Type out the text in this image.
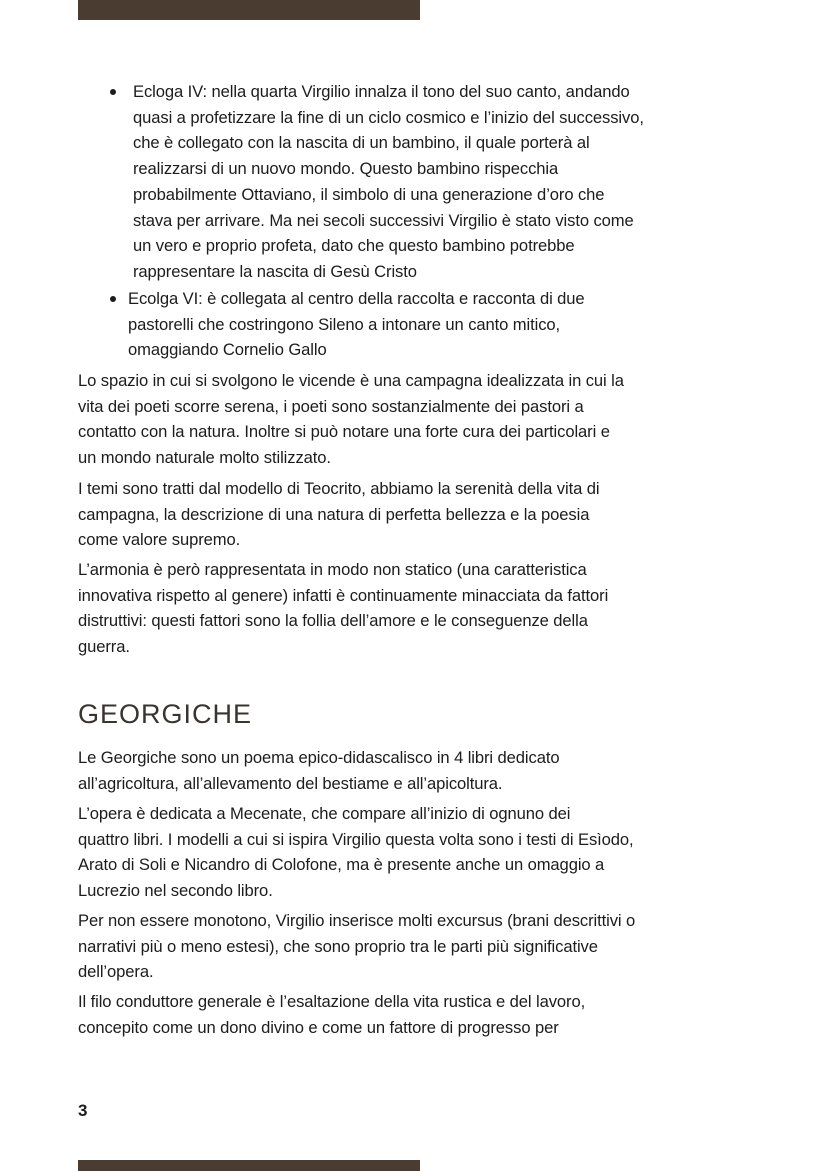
Ecloga IV: nella quarta Virgilio innalza il tono del suo canto, andando
quasi a profetizzare la fine di un ciclo cosmico e l’inizio del successivo,
che è collegato con la nascita di un bambino, il quale porterà al
realizzarsi di un nuovo mondo. Questo bambino rispecchia
probabilmente Ottaviano, il simbolo di una generazione d’oro che
stava per arrivare. Ma nei secoli successivi Virgilio è stato visto come
un vero e proprio profeta, dato che questo bambino potrebbe
rappresentare la nascita di Gesù Cristo
Ecolga VI: è collegata al centro della raccolta e racconta di due
pastorelli che costringono Sileno a intonare un canto mitico,
omaggiando Cornelio Gallo
Lo spazio in cui si svolgono le vicende è una campagna idealizzata in cui la
vita dei poeti scorre serena, i poeti sono sostanzialmente dei pastori a
contatto con la natura. Inoltre si può notare una forte cura dei particolari e
un mondo naturale molto stilizzato.
I temi sono tratti dal modello di Teocrito, abbiamo la serenità della vita di
campagna, la descrizione di una natura di perfetta bellezza e la poesia
come valore supremo.
L’armonia è però rappresentata in modo non statico (una caratteristica
innovativa rispetto al genere) infatti è continuamente minacciata da fattori
distruttivi: questi fattori sono la follia dell’amore e le conseguenze della
guerra.
GEORGICHE
Le Georgiche sono un poema epico-didascalisco in 4 libri dedicato
all’agricoltura, all’allevamento del bestiame e all’apicoltura.
L’opera è dedicata a Mecenate, che compare all’inizio di ognuno dei
quattro libri. I modelli a cui si ispira Virgilio questa volta sono i testi di Esìodo,
Arato di Soli e Nicandro di Colofone, ma è presente anche un omaggio a
Lucrezio nel secondo libro.
Per non essere monotono, Virgilio inserisce molti excursus (brani descrittivi o
narrativi più o meno estesi), che sono proprio tra le parti più significative
dell’opera.
Il filo conduttore generale è l’esaltazione della vita rustica e del lavoro,
concepito come un dono divino e come un fattore di progresso per
3
